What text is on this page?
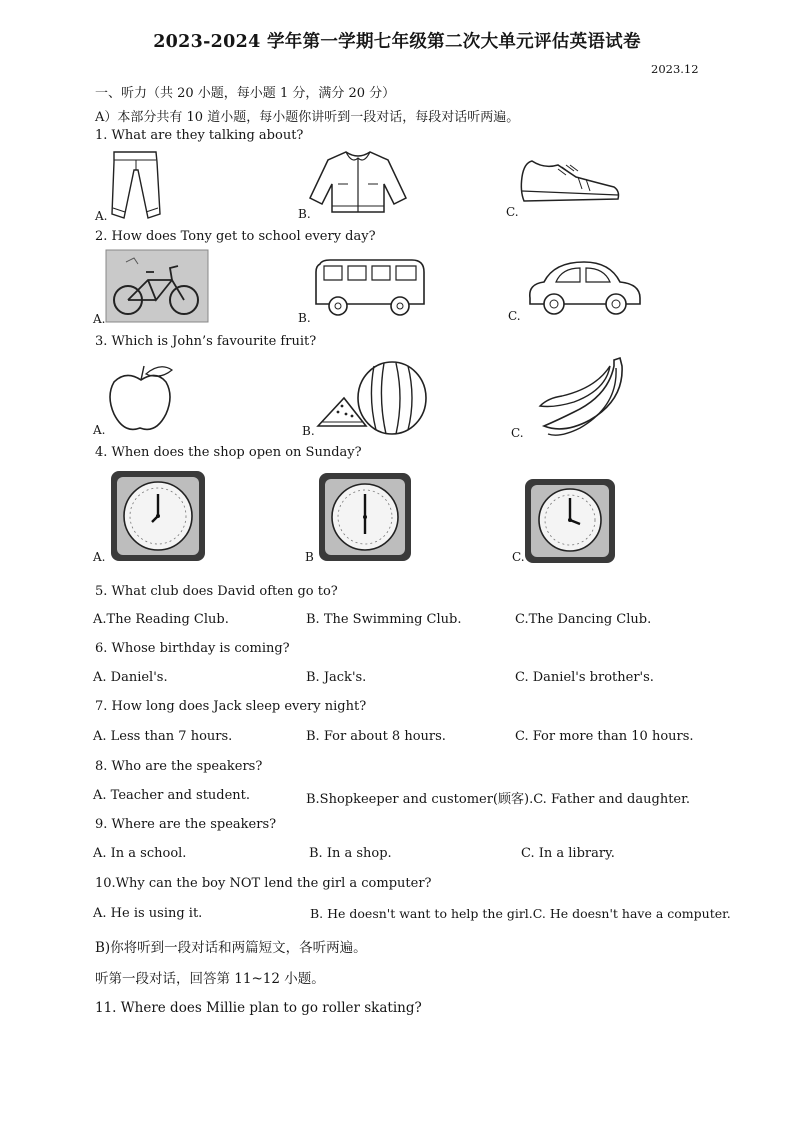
2023-2024 学年第一学期七年级第二次大单元评估英语试卷
2023.12
一、听力（共 20 小题，每小题 1 分，满分 20 分）
A）本部分共有 10 道小题，每小题你讲听到一段对话，每段对话听两遍。
1. What are they talking about?
A.	B.	C.
2. How does Tony get to school every day?
A.	B.	C.
3. Which is John’s favourite fruit?
A.	B.	C.
4. When does the shop open on Sunday?
A.	B	C.
5. What club does David often go to?
A.The Reading Club.	B. The Swimming Club.	C.The Dancing Club.
6. Whose birthday is coming?
A. Daniel's.	B. Jack's.	C. Daniel's brother's.
7. How long does Jack sleep every night?
A. Less than 7 hours.	B. For about 8 hours.	C. For more than 10 hours.
8. Who are the speakers?
A. Teacher and student.	B.Shopkeeper and customer(顾客).C. Father and daughter.
9. Where are the speakers?
A. In a school.	B. In a shop.	C. In a library.
10.Why can the boy NOT lend the girl a computer?
A. He is using it.	B. He doesn't want to help the girl.C. He doesn't have a computer.
B)你将听到一段对话和两篇短文，各听两遍。
听第一段对话，回答第 11~12 小题。
11. Where does Millie plan to go roller skating?
